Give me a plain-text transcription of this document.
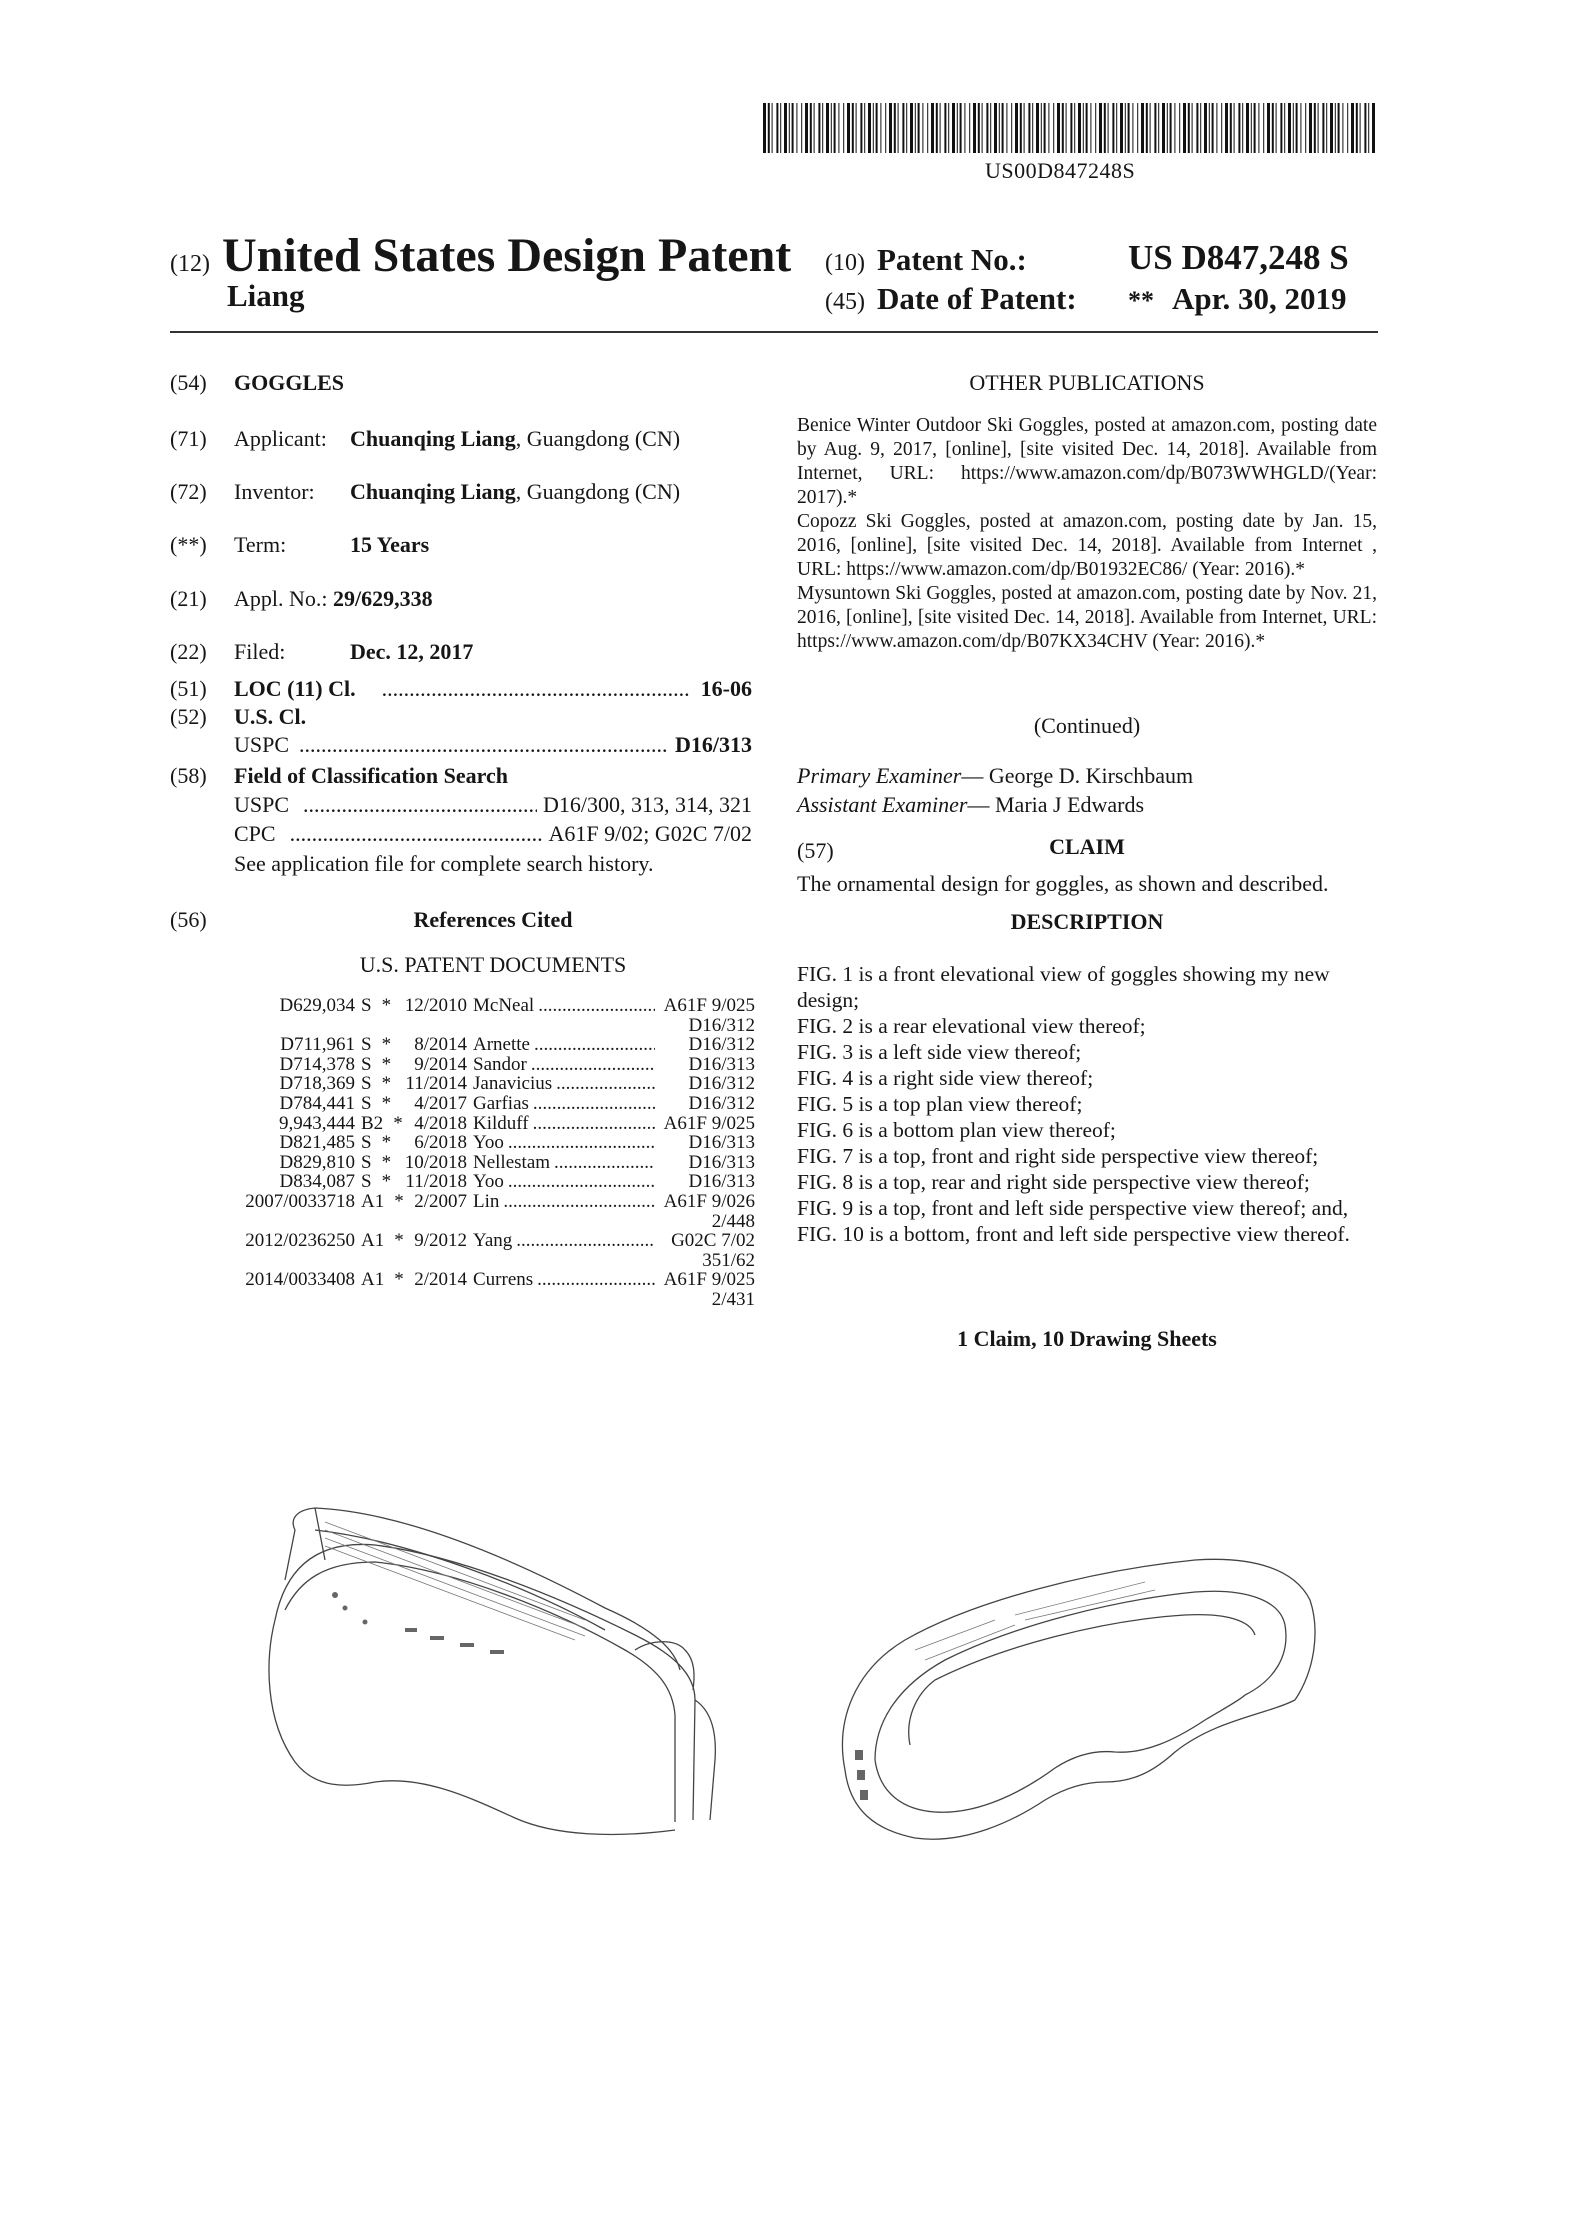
US00D847248S
(12) United States Design Patent
Liang
(10) Patent No.:	US D847,248 S
(45) Date of Patent: ** Apr. 30, 2019
(54) GOGGLES
(71) Applicant: Chuanqing Liang, Guangdong (CN)
(72) Inventor: Chuanqing Liang, Guangdong (CN)
(**) Term:	15 Years
(21) Appl. No.: 29/629,338
(22) Filed:	Dec. 12, 2017
(51) LOC (11) Cl. .....	16-06
(52) U.S. Cl.
USPC .....	D16/313
(58) Field of Classification Search
USPC .....	D16/300, 313, 314, 321
CPC .....	A61F 9/02; G02C 7/02
See application file for complete search history.
(56)	References Cited
U.S. PATENT DOCUMENTS
D629,034 S * 12/2010 McNeal .....	A61F 9/025
D16/312
D711,961 S *	8/2014 Arnette .....	D16/312
D714,378 S *	9/2014 Sandor .....	D16/313
D718,369 S * 11/2014 Janavicius .....	D16/312
D784,441 S *	4/2017 Garfias .....	D16/312
9,943,444 B2 * 4/2018 Kilduff .....	A61F 9/025
D821,485 S *	6/2018 Yoo .....	D16/313
D829,810 S * 10/2018 Nellestam .....	D16/313
D834,087 S * 11/2018 Yoo .....	D16/313
2007/0033718 A1 * 2/2007 Lin .....	A61F 9/026
2/448
2012/0236250 A1 * 9/2012 Yang .....	G02C 7/02
351/62
2014/0033408 A1 * 2/2014 Currens .....	A61F 9/025
2/431
OTHER PUBLICATIONS

Benice Winter Outdoor Ski Goggles, posted at amazon.com, posting date by Aug. 9, 2017, [online], [site visited Dec. 14, 2018]. Available from Internet, URL: https://www.amazon.com/dp/B073WWHGLD/(Year: 2017).*

Copozz Ski Goggles, posted at amazon.com, posting date by Jan. 15, 2016, [online], [site visited Dec. 14, 2018]. Available from Internet , URL: https://www.amazon.com/dp/B01932EC86/ (Year: 2016).*

Mysuntown Ski Goggles, posted at amazon.com, posting date by Nov. 21, 2016, [online], [site visited Dec. 14, 2018]. Available from Internet, URL: https://www.amazon.com/dp/B07KX34CHV (Year: 2016).*

(Continued)
Primary Examiner— George D. Kirschbaum
Assistant Examiner— Maria J Edwards
(57)	CLAIM
The ornamental design for goggles, as shown and described.
DESCRIPTION

FIG. 1 is a front elevational view of goggles showing my new design;

FIG. 2 is a rear elevational view thereof;

FIG. 3 is a left side view thereof;

FIG. 4 is a right side view thereof;

FIG. 5 is a top plan view thereof;

FIG. 6 is a bottom plan view thereof;

FIG. 7 is a top, front and right side perspective view thereof;

FIG. 8 is a top, rear and right side perspective view thereof;

FIG. 9 is a top, front and left side perspective view thereof; and,

FIG. 10 is a bottom, front and left side perspective view thereof.

1 Claim, 10 Drawing Sheets
